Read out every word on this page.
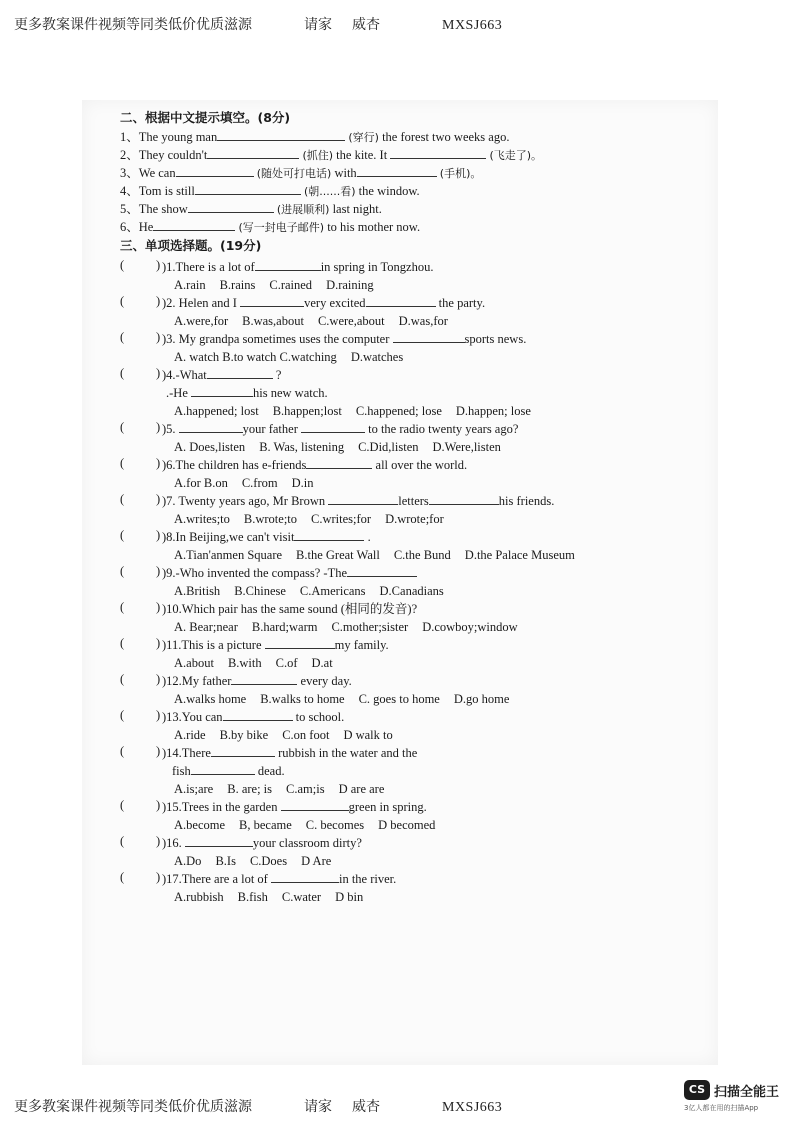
更多教案课件视频等同类低价优质滋源	请家 威杏	MXSJ663
二、根据中文提示填空。(8分)
1、The young man	(穿行) the forest two weeks ago.
2、They couldn't	(抓住) the kite. It	(飞走了)。
3、We can	(随处可打电话) with	(手机)。
4、Tom is still	(朝......看) the window.
5、The show	(进展顺利) last night.
6、He	(写一封电子邮件) to his mother now.
三、单项选择题。(19分)
( )
)1.There is a lot of	in spring in Tongzhou.
A.rain B.rains C.rained D.raining
( )
)2. Helen and I	very excited	the party.
A.were,for B.was,about C.were,about D.was,for
( )
)3. My grandpa sometimes uses the computer	sports news.
A. watch B.to watch C.watching D.watches
( )
)4.-What	?
.-He	his new watch.
A.happened; lost B.happen;lost C.happened; lose D.happen; lose
( )
)5.	your father	to the radio twenty years ago?
A. Does,listen B. Was, listening C.Did,listen D.Were,listen
( )
)6.The children has e-friends	all over the world.
A.for B.on C.from D.in
( )
)7. Twenty years ago, Mr Brown	letters	his friends.
A.writes;to B.wrote;to C.writes;for D.wrote;for
( )
)8.In Beijing,we can't visit	.
A.Tian'anmen Square B.the Great Wall C.the Bund D.the Palace Museum
( )
)9.-Who invented the compass? -The
A.British B.Chinese C.Americans D.Canadians
( )
)10.Which pair has the same sound (相同的发音)?
A. Bear;near B.hard;warm C.mother;sister D.cowboy;window
( )
)11.This is a picture	my family.
A.about B.with C.of D.at
( )
)12.My father	every day.
A.walks home B.walks to home C. goes to home D.go home
( )
)13.You can	to school.
A.ride B.by bike C.on foot D walk to
( )
)14.There	rubbish in the water and the
fish	dead.
A.is;are B. are; is C.am;is D are are
( )
)15.Trees in the garden	green in spring.
A.become B, became C. becomes D becomed
( )
)16.	your classroom dirty?
A.Do B.Is C.Does D Are
( )
)17.There are a lot of	in the river.
A.rubbish B.fish C.water D bin
更多教案课件视频等同类低价优质滋源	请家 威杏	MXSJ663
CS 扫描全能王
3亿人都在用的扫描App
